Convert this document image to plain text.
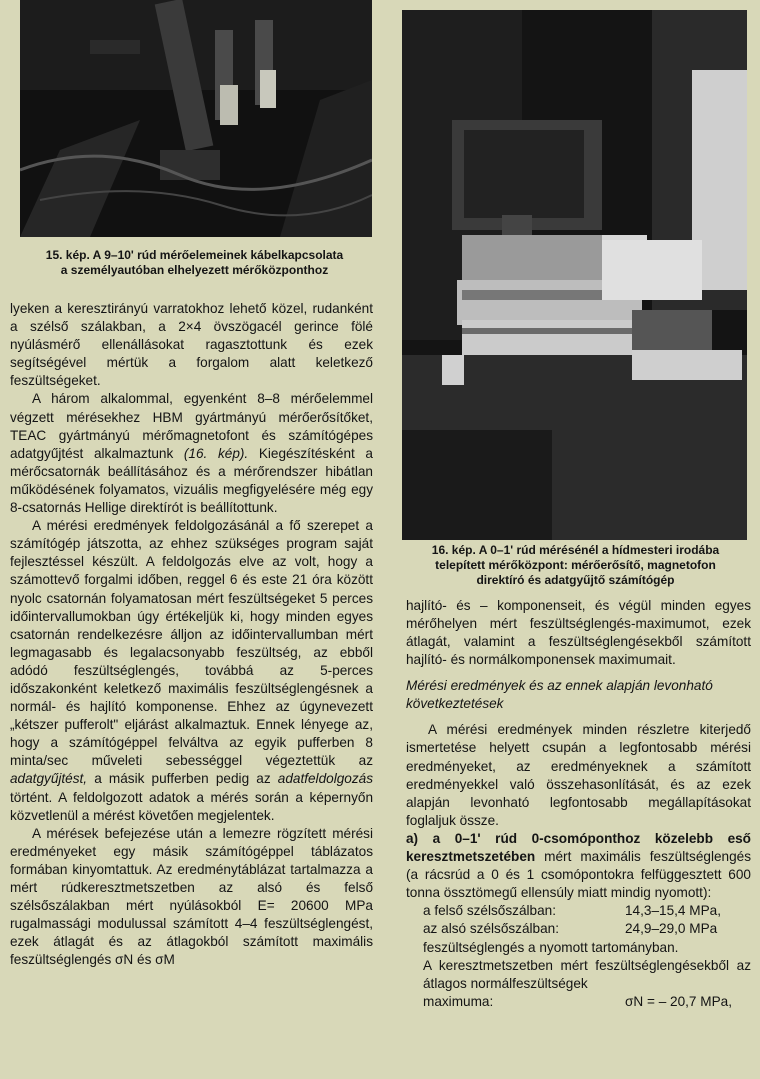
15. kép. A 9–10' rúd mérőelemeinek kábelkapcsolata
a személyautóban elhelyezett mérőközponthoz
16. kép. A 0–1' rúd mérésénél a hídmesteri irodába
telepített mérőközpont: mérőerősítő, magnetofon
direktíró és adatgyűjtő számítógép

lyeken a keresztirányú varratokhoz lehető közel, rudanként a szélső szálakban, a 2×4 övszögacél gerince fölé nyúlásmérő ellenállásokat ragasztottunk és ezek segítségével mértük a forgalom alatt keletkező feszültségeket.

A három alkalommal, egyenként 8–8 mérőelemmel végzett mérésekhez HBM gyártmányú mérőerősítőket, TEAC gyártmányú mérőmagnetofont és számítógépes adatgyűjtést alkalmaztunk (16. kép). Kiegészítésként a mérőcsatornák beállításához és a mérőrendszer hibátlan működésének folyamatos, vizuális megfigyelésére még egy 8-csatornás Hellige direktírót is beállítottunk.

A mérési eredmények feldolgozásánál a fő szerepet a számítógép játszotta, az ehhez szükséges program saját fejlesztéssel készült. A feldolgozás elve az volt, hogy a számottevő forgalmi időben, reggel 6 és este 21 óra között nyolc csatornán folyamatosan mért feszültségeket 5 perces időintervallumokban úgy értékeljük ki, hogy minden egyes csatornán rendelkezésre álljon az időintervallumban mért legmagasabb és legalacsonyabb feszültség, az ebből adódó feszültséglengés, továbbá az 5-perces időszakonként keletkező maximális feszültséglengésnek a normál- és hajlító komponense. Ehhez az úgynevezett „kétszer pufferolt" eljárást alkalmaztuk. Ennek lényege az, hogy a számítógéppel felváltva az egyik pufferben 8 minta/sec műveleti sebességgel végeztettük az adatgyűjtést, a másik pufferben pedig az adatfeldolgozás történt. A feldolgozott adatok a mérés során a képernyőn közvetlenül a mérést követően megjelentek.

A mérések befejezése után a lemezre rögzített mérési eredményeket egy másik számítógéppel táblázatos formában kinyomtattuk. Az eredménytáblázat tartalmazza a mért rúdkeresztmetszetben az alsó és felső szélsőszálakban mért nyúlásokból E= 20600 MPa rugalmassági modulussal számított 4–4 feszültséglengést, ezek átlagát és az átlagokból számított maximális feszültséglengés σN és σM

hajlító- és – komponenseit, és végül minden egyes mérőhelyen mért feszültséglengés-maximumot, ezek átlagát, valamint a feszültséglengésekből számított hajlító- és normálkomponensek maximumait.

Mérési eredmények és az ennek alapján levonható következtetések

A mérési eredmények minden részletre kiterjedő ismertetése helyett csupán a legfontosabb mérési eredményeket, az eredményeknek a számított eredményekkel való összehasonlítását, és az ezek alapján levonható legfontosabb megállapításokat foglaljuk össze.

a) a 0–1' rúd 0-csomóponthoz közelebb eső keresztmetszetében mért maximális feszültséglengés (a rácsrúd a 0 és 1 csomópontokra felfüggesztett 600 tonna össztömegű ellensúly miatt mindig nyomott):

a felső szélsőszálban:	14,3–15,4 MPa,
az alsó szélsőszálban:	24,9–29,0 MPa

feszültséglengés a nyomott tartományban.

A keresztmetszetben mért feszültséglengésekből az átlagos normálfeszültségek

maximuma:	σN = – 20,7 MPa,
